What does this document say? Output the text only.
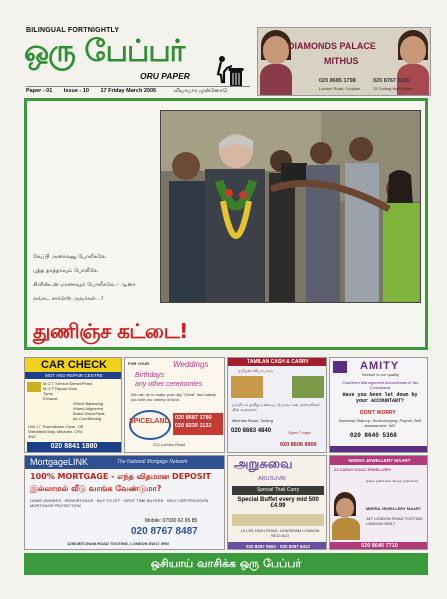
BILINGUAL FORTNIGHTLY
ஒரு பேப்பர்
ORU PAPER
Paper - 01 Issue - 10 17 Friday March 2005	வியாபார முன்னோடு
DIAMONDS PALACE
MITHUS
020 8685 1798	020 8767 5335
London Road, Croydon	78 Tooting High Street
கேப்பி அனாலனு போலீசுலே
புத்த தாத்தாவும் போலீலே
கிளின்டன் மானாவும் போலீசுலே - ஆனா
எங்கட சார்ள்ஸ் அவர்கள்...!
துணிஞ்ச கட்டை!
CAR CHECK
MOT AND REPAIR CENTRE
M.O.T Service/Diesel/Petrol
M.O.T Repair Work
Tyres
Exhaust
Wheel Balancing
Wheel Alignment
Brake Discs/Pads
Air Conditioning
Unit 17, Roundshaw Close, Off Streatfield Way, Mitcham, CR4 3NX
020 8841 1880
FOR YOUR	Weddings
Birthdays
any other ceremonies
We can try to make your day "Great" and satisfy you with our variety of food.
SPICELAND	020 8687 1780
020 8239 1132
212 London Road
TAMILAN CASH & CARRY
தமிழன் வியாபாரம்
நம்மிடம் தமிழ் உணவுப் பொருட்கள் மரக்கறிகள் மீன் வகைகள்
Mitcham Road, Tooting
020 8683 4840
020 8606 9900
Open 7 days
AMITY
Service is our quality
Chartered Management Accountants & Tax Consultants
Have you been let down by your ACCOUNTANT?
DON'T WORRY
Business Start-up, Book-keeping, Payroll, Self Assessment, VAT
020 8640 5368
MortgageLINK	The National Mortgage Network
100% MORTGAGE - எந்த விதமான DEPOSIT
இல்லாமல் வீடு வாங்க வேண்டுமா?
HOME OWNERS · REMORTGAGE · BUY TO LET · FIRST TIME BUYERS · SELF CERTIFICATION · MORTGAGE PROTECTION
Mobile: 07930 62 65 85
020 8767 8487
1258 MITCHAM ROAD TOOTING, LONDON SW17 0RN
அறுசுவை
ARUSUVAI
Special Thali Curry
Special Buffet every mid 500 £4.99
19 LEE HIGH ROAD, LEWISHAM LONDON SE13 5LD
020 8297 0562 · 020 8297 6412
MEERA JEWELLERY MAART
22 CARAT GOLD JEWELLERY
தங்க நகைகள் வைர நகைகள்
MEERA JEWELLERY MAART
187 LONDON ROAD TOOTING LONDON SW17
020 8640 7710
ஒசியாய் வாசிக்க ஒரு பேப்பர்
